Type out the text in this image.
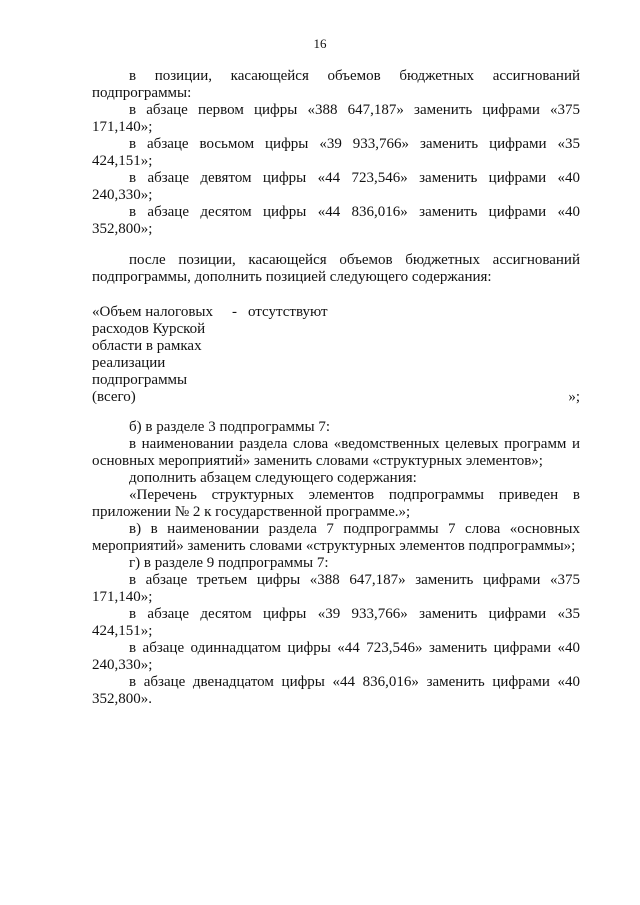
16

в позиции, касающейся объемов бюджетных ассигнований подпрограммы:

в абзаце первом цифры «388 647,187» заменить цифрами «375 171,140»;

в абзаце восьмом цифры «39 933,766» заменить цифрами «35 424,151»;

в абзаце девятом цифры «44 723,546» заменить цифрами «40 240,330»;

в абзаце десятом цифры «44 836,016» заменить цифрами «40 352,800»;

после позиции, касающейся объемов бюджетных ассигнований подпрограммы, дополнить позицией следующего содержания:

«Объем налоговых
расходов Курской
области в рамках
реализации
подпрограммы
(всего)
- отсутствуют
»;

б) в разделе 3 подпрограммы 7:

в наименовании раздела слова «ведомственных целевых программ и основных мероприятий» заменить словами «структурных элементов»;

дополнить абзацем следующего содержания:

«Перечень структурных элементов подпрограммы приведен в приложении № 2 к государственной программе.»;

в) в наименовании раздела 7 подпрограммы 7 слова «основных мероприятий» заменить словами «структурных элементов подпрограммы»;

г) в разделе 9 подпрограммы 7:

в абзаце третьем цифры «388 647,187» заменить цифрами «375 171,140»;

в абзаце десятом цифры «39 933,766» заменить цифрами «35 424,151»;

в абзаце одиннадцатом цифры «44 723,546» заменить цифрами «40 240,330»;

в абзаце двенадцатом цифры «44 836,016» заменить цифрами «40 352,800».
